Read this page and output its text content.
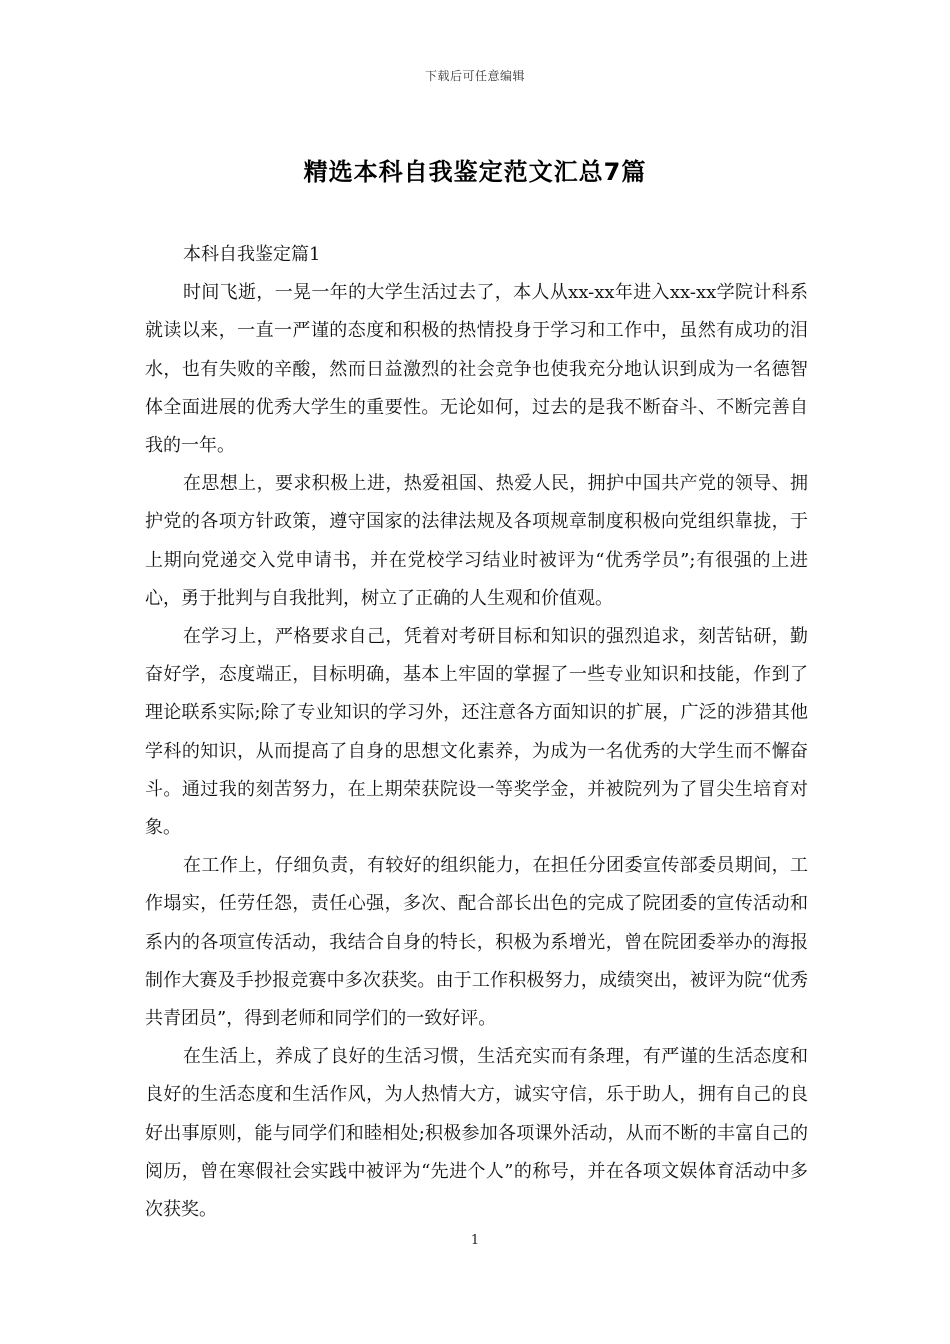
下载后可任意编辑
精选本科自我鉴定范文汇总7篇

本科自我鉴定篇1

时间飞逝，一晃一年的大学生活过去了，本人从xx-xx年进入xx-xx学院计科系就读以来，一直一严谨的态度和积极的热情投身于学习和工作中，虽然有成功的泪水，也有失败的辛酸，然而日益激烈的社会竞争也使我充分地认识到成为一名德智体全面进展的优秀大学生的重要性。无论如何，过去的是我不断奋斗、不断完善自我的一年。

在思想上，要求积极上进，热爱祖国、热爱人民，拥护中国共产党的领导、拥护党的各项方针政策，遵守国家的法律法规及各项规章制度积极向党组织靠拢，于上期向党递交入党申请书，并在党校学习结业时被评为“优秀学员”;有很强的上进心，勇于批判与自我批判，树立了正确的人生观和价值观。

在学习上，严格要求自己，凭着对考研目标和知识的强烈追求，刻苦钻研，勤奋好学，态度端正，目标明确，基本上牢固的掌握了一些专业知识和技能，作到了理论联系实际;除了专业知识的学习外，还注意各方面知识的扩展，广泛的涉猎其他学科的知识，从而提高了自身的思想文化素养，为成为一名优秀的大学生而不懈奋斗。通过我的刻苦努力，在上期荣获院设一等奖学金，并被院列为了冒尖生培育对象。

在工作上，仔细负责，有较好的组织能力，在担任分团委宣传部委员期间，工作塌实，任劳任怨，责任心强，多次、配合部长出色的完成了院团委的宣传活动和系内的各项宣传活动，我结合自身的特长，积极为系增光，曾在院团委举办的海报制作大赛及手抄报竞赛中多次获奖。由于工作积极努力，成绩突出，被评为院“优秀共青团员”，得到老师和同学们的一致好评。

在生活上，养成了良好的生活习惯，生活充实而有条理，有严谨的生活态度和良好的生活态度和生活作风，为人热情大方，诚实守信，乐于助人，拥有自己的良好出事原则，能与同学们和睦相处;积极参加各项课外活动，从而不断的丰富自己的阅历，曾在寒假社会实践中被评为“先进个人”的称号，并在各项文娱体育活动中多次获奖。

1
